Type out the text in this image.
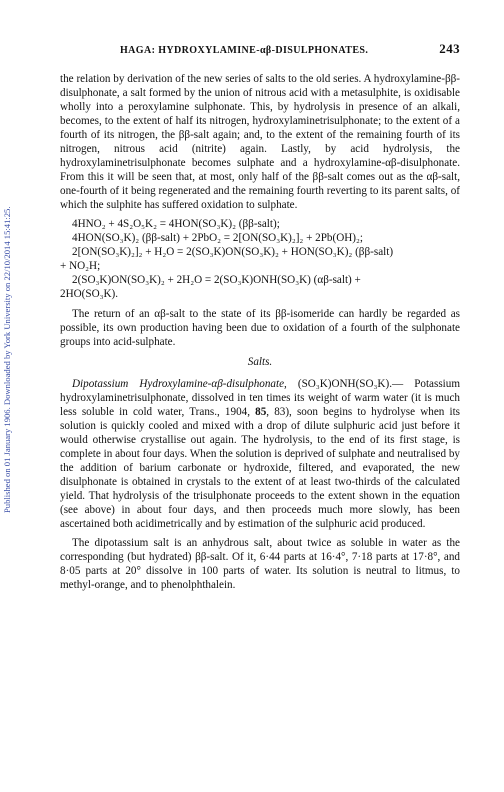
Published on 01 January 1906. Downloaded by York University on 22/10/2014 15:41:25.
HAGA: HYDROXYLAMINE-αβ-DISULPHONATES.	243

the relation by derivation of the new series of salts to the old series. A hydroxylamine-ββ-disulphonate, a salt formed by the union of nitrous acid with a metasulphite, is oxidisable wholly into a peroxylamine sulphonate. This, by hydrolysis in presence of an alkali, becomes, to the extent of half its nitrogen, hydroxylaminetrisulphonate; to the extent of a fourth of its nitrogen, the ββ-salt again; and, to the extent of the remaining fourth of its nitrogen, nitrous acid (nitrite) again. Lastly, by acid hydrolysis, the hydroxylaminetrisulphonate becomes sulphate and a hydroxylamine-αβ-disulphonate. From this it will be seen that, at most, only half of the ββ-salt comes out as the αβ-salt, one-fourth of it being regenerated and the remaining fourth reverting to its parent salts, of which the sulphite has suffered oxidation to sulphate.

4HNO₂ + 4S₂O₅K₂ = 4HON(SO₃K)₂ (ββ-salt);
4HON(SO₃K)₂ (ββ-salt) + 2PbO₂ = 2[ON(SO₃K)₂]₂ + 2Pb(OH)₂;
2[ON(SO₃K)₂]₂ + H₂O = 2(SO₃K)ON(SO₃K)₂ + HON(SO₃K)₂ (ββ-salt)
+ NO₂H;
2(SO₃K)ON(SO₃K)₂ + 2H₂O = 2(SO₃K)ONH(SO₃K) (αβ-salt) +
2HO(SO₃K).

The return of an αβ-salt to the state of its ββ-isomeride can hardly be regarded as possible, its own production having been due to oxidation of a fourth of the sulphonate groups into acid-sulphate.

Salts.

Dipotassium Hydroxylamine-αβ-disulphonate, (SO₃K)ONH(SO₃K).— Potassium hydroxylaminetrisulphonate, dissolved in ten times its weight of warm water (it is much less soluble in cold water, Trans., 1904, 85, 83), soon begins to hydrolyse when its solution is quickly cooled and mixed with a drop of dilute sulphuric acid just before it would otherwise crystallise out again. The hydrolysis, to the end of its first stage, is complete in about four days. When the solution is deprived of sulphate and neutralised by the addition of barium carbonate or hydroxide, filtered, and evaporated, the new disulphonate is obtained in crystals to the extent of at least two-thirds of the calculated yield. That hydrolysis of the trisulphonate proceeds to the extent shown in the equation (see above) in about four days, and then proceeds much more slowly, has been ascertained both acidimetrically and by estimation of the sulphuric acid produced.

The dipotassium salt is an anhydrous salt, about twice as soluble in water as the corresponding (but hydrated) ββ-salt. Of it, 6·44 parts at 16·4°, 7·18 parts at 17·8°, and 8·05 parts at 20° dissolve in 100 parts of water. Its solution is neutral to litmus, to methyl-orange, and to phenolphthalein.
